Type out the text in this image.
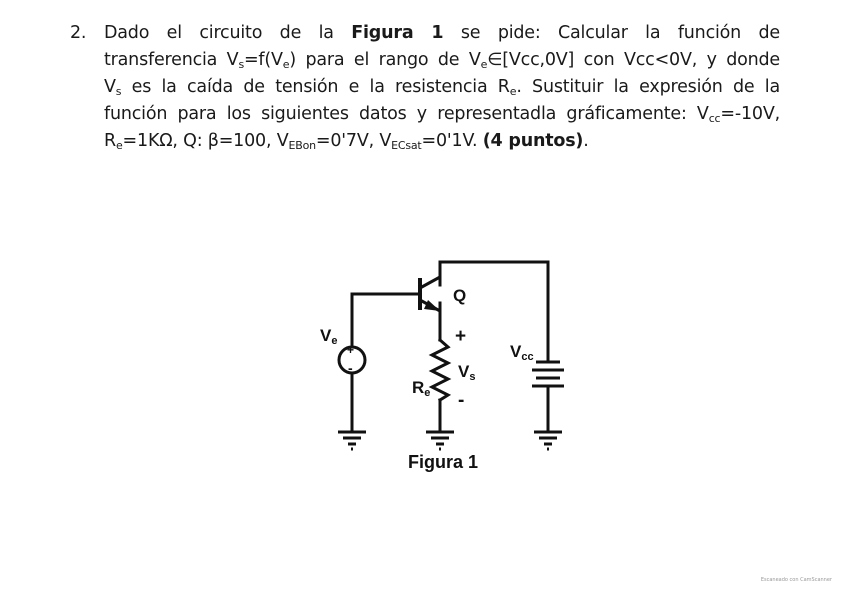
2. Dado el circuito de la Figura 1 se pide: Calcular la función de
transferencia $V_s=f(V_e)$ para el rango de $V_e\in[Vcc,0V]$ con Vcc<0V, y donde
$V_s$ es la caída de tensión e la resistencia $R_e$. Sustituir la expresión de la
función para los siguientes datos y representadla gráficamente: $V_{cc}=-10V$,
$R_e=1K\Omega$, Q: β=100, $V_{EBon}=0'7V$, $V_{ECsat}=0'1V$. (4 puntos).
+
-
Q
$V_e$
$V_{cc}$
$R_e$
$V_s$
+
-
Figura 1
Escaneado con CamScanner
